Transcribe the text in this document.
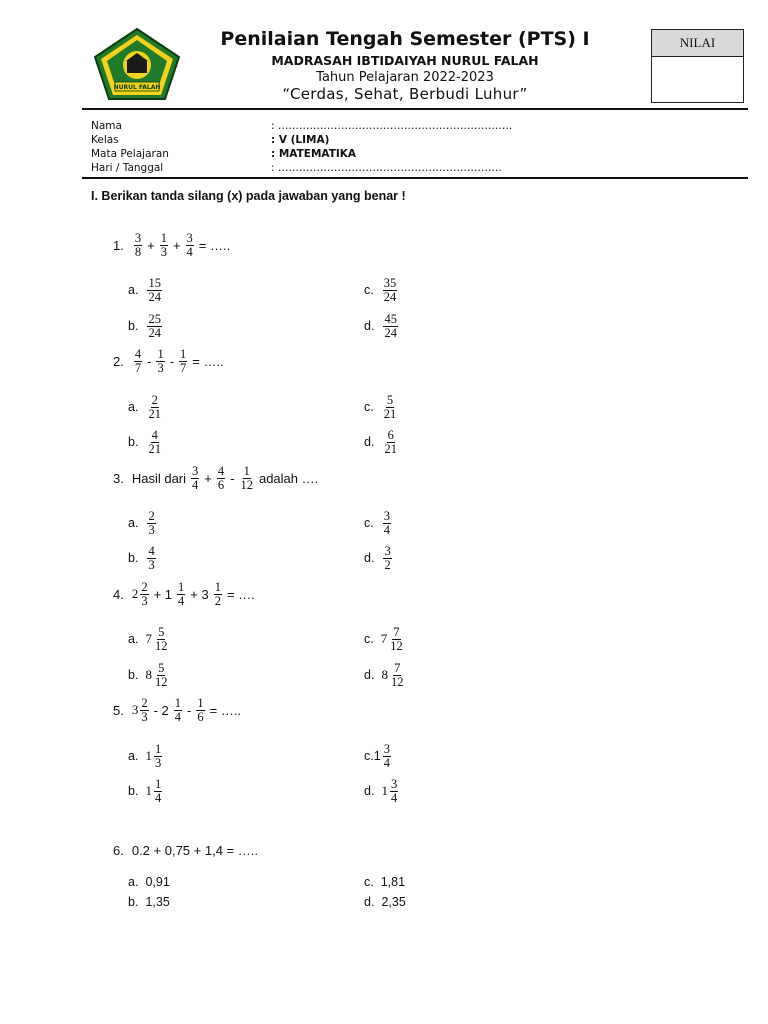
NURUL FALAH
Penilaian Tengah Semester (PTS) I
MADRASAH IBTIDAIYAH NURUL FALAH
Tahun Pelajaran 2022-2023
“Cerdas, Sehat, Berbudi Luhur”
NILAI
Nama	: ………………………………………………………….
Kelas	: V (LIMA)
Mata Pelajaran	: MATEMATIKA
Hari / Tanggal	: ……………………………………………………….
I. Berikan tanda silang (x) pada jawaban yang benar !
1. $\frac{3}{8} + \frac{1}{3} + \frac{3}{4}$ = …..
a. $\frac{15}{24}$
b. $\frac{25}{24}$
c. $\frac{35}{24}$
d. $\frac{45}{24}$
2. $\frac{4}{7} - \frac{1}{3} - \frac{1}{7}$ = …..
a. $\frac{2}{21}$
b. $\frac{4}{21}$
c. $\frac{5}{21}$
d. $\frac{6}{21}$
3. Hasil dari $\frac{3}{4} + \frac{4}{6} - \frac{1}{12}$ adalah ….
a. $\frac{2}{3}$
b. $\frac{4}{3}$
c. $\frac{3}{4}$
d. $\frac{3}{2}$
4. $2 \frac{2}{3} + 1 \frac{1}{4} + 3 \frac{1}{2}$ = ….
a. $7 \frac{5}{12}$
b. $8 \frac{5}{12}$
c. $7 \frac{7}{12}$
d. $8 \frac{7}{12}$
5. $3 \frac{2}{3} - 2 \frac{1}{4} - \frac{1}{6}$ = …..
a. $1 \frac{1}{3}$
b. $1 \frac{1}{4}$
$c.1 \frac{3}{4}$
d. $1 \frac{3}{4}$
6. 0.2 + 0,75 + 1,4 = …..
a. 0,91
b. 1,35
c. 1,81
d. 2,35
